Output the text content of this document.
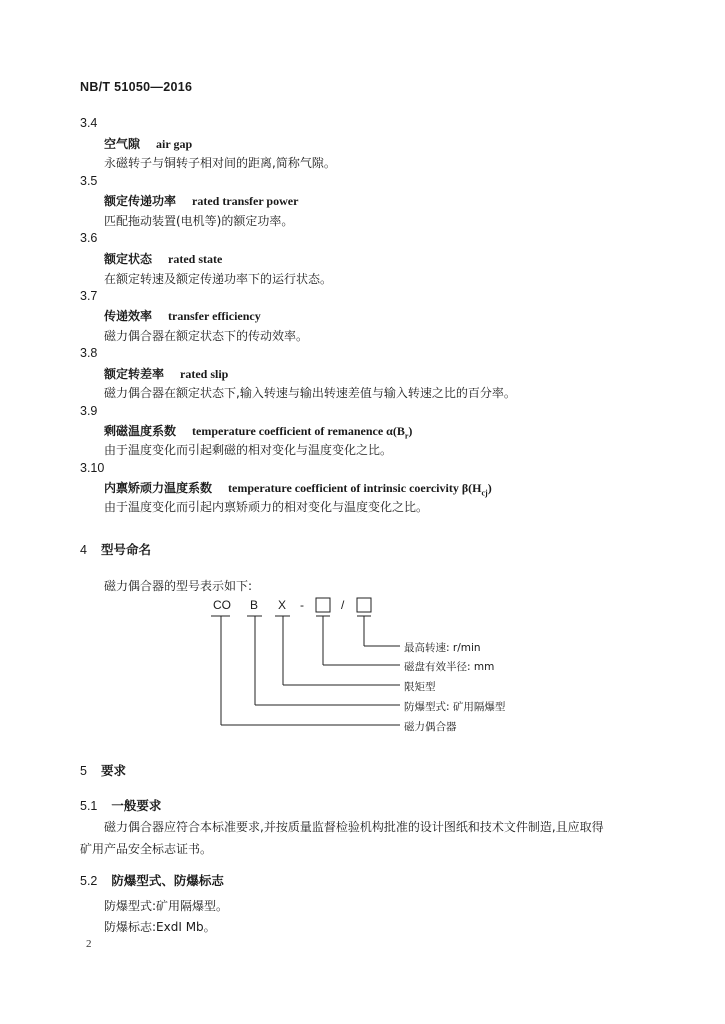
NB/T 51050—2016
3.4
空气隙 air gap
永磁转子与铜转子相对间的距离,简称气隙。
3.5
额定传递功率 rated transfer power
匹配拖动装置(电机等)的额定功率。
3.6
额定状态 rated state
在额定转速及额定传递功率下的运行状态。
3.7
传递效率 transfer efficiency
磁力偶合器在额定状态下的传动效率。
3.8
额定转差率 rated slip
磁力偶合器在额定状态下,输入转速与输出转速差值与输入转速之比的百分率。
3.9
剩磁温度系数 temperature coefficient of remanence $\alpha(B_r)$
由于温度变化而引起剩磁的相对变化与温度变化之比。
3.10
内禀矫顽力温度系数 temperature coefficient of intrinsic coercivity $\beta(H_{cj})$
由于温度变化而引起内禀矫顽力的相对变化与温度变化之比。
4 型号命名
磁力偶合器的型号表示如下:
CO B X -	/
最高转速: r/min
磁盘有效半径: mm
限矩型
防爆型式: 矿用隔爆型
磁力偶合器
5 要求
5.1 一般要求
磁力偶合器应符合本标准要求,并按质量监督检验机构批准的设计图纸和技术文件制造,且应取得
矿用产品安全标志证书。
5.2 防爆型式、防爆标志
防爆型式:矿用隔爆型。
防爆标志:ExdI Mb。
2
